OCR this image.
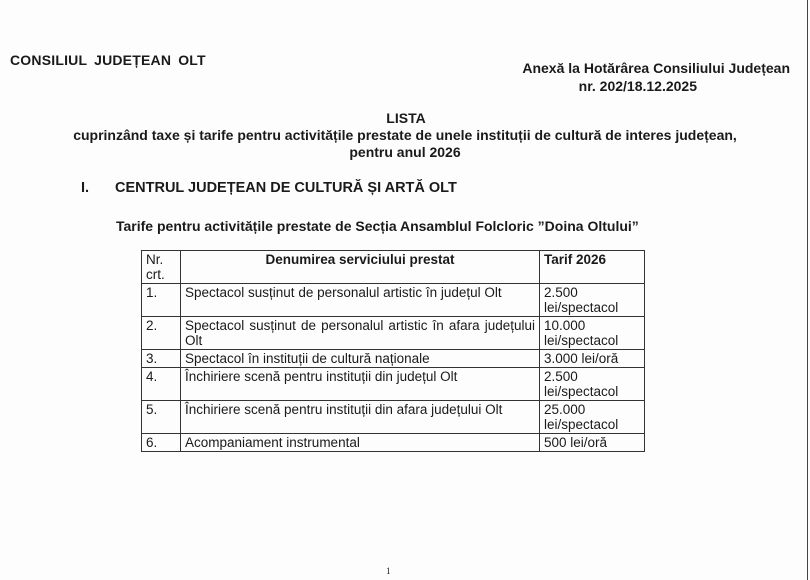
CONSILIUL JUDEȚEAN OLT	Anexă la Hotărârea Consiliului Județean
nr. 202/18.12.2025
LISTA
cuprinzând taxe și tarife pentru activitățile prestate de unele instituții de cultură de interes județean,
pentru anul 2026
I. CENTRUL JUDEȚEAN DE CULTURĂ ȘI ARTĂ OLT
Tarife pentru activitățile prestate de Secția Ansamblul Folcloric ”Doina Oltului”
Nr. crt.	Denumirea serviciului prestat	Tarif 2026
1.	Spectacol susținut de personalul artistic în județul Olt	2.500 lei/spectacol
2.	Spectacol susținut de personalul artistic în afara județului Olt	10.000 lei/spectacol
3.	Spectacol în instituții de cultură naționale	3.000 lei/oră
4.	Închiriere scenă pentru instituții din județul Olt	2.500 lei/spectacol
5.	Închiriere scenă pentru instituții din afara județului Olt	25.000 lei/spectacol
6.	Acompaniament instrumental	500 lei/oră
1
